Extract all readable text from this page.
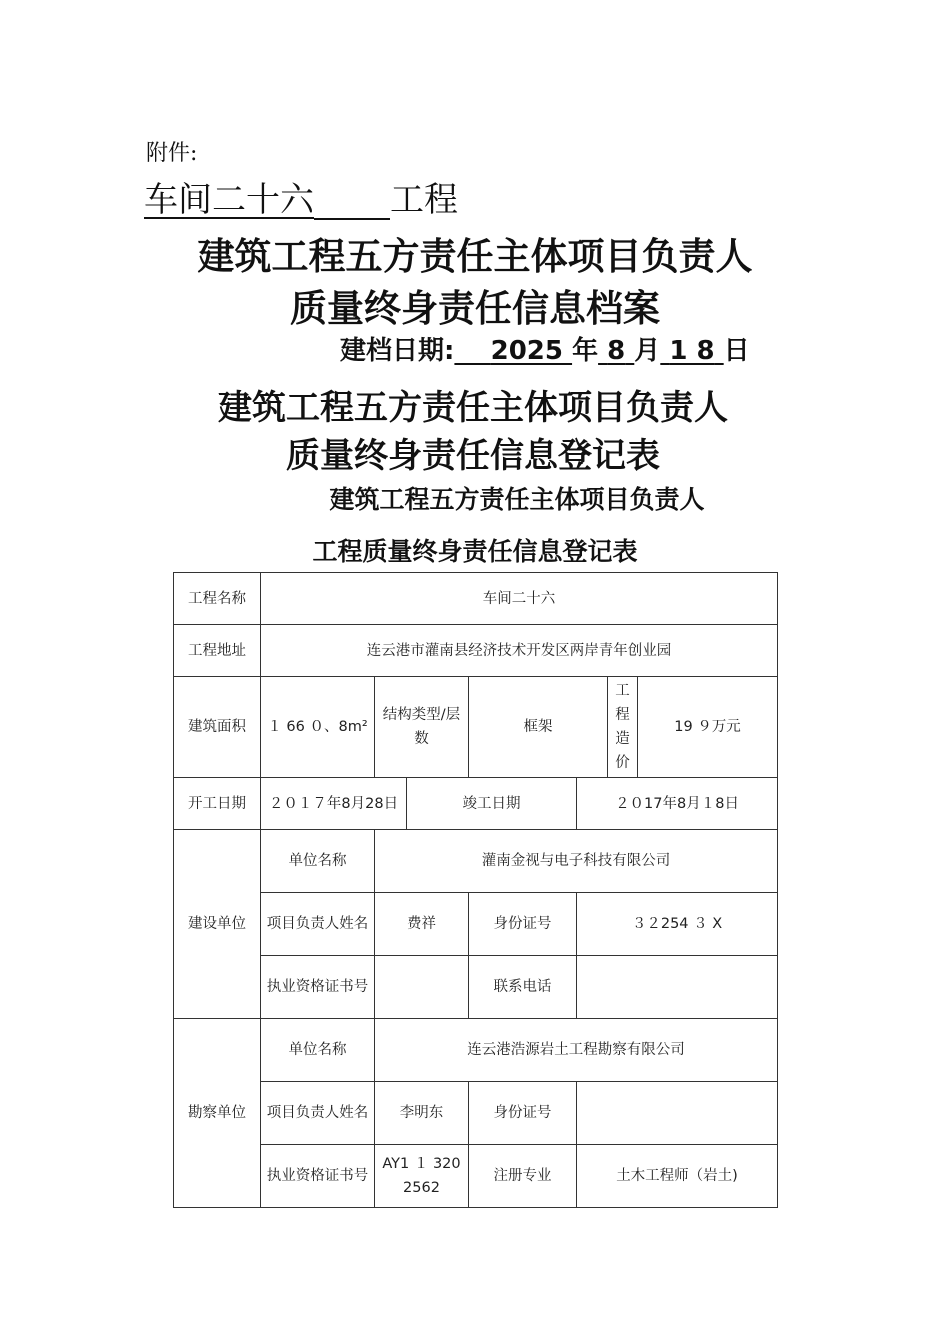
附件:
车间二十六 工程
建筑工程五方责任主体项目负责人
质量终身责任信息档案
建档日期: 2025 年 8 月 1 8 日
建筑工程五方责任主体项目负责人
质量终身责任信息登记表
建筑工程五方责任主体项目负责人
工程质量终身责任信息登记表
工程名称	车间二十六						
工程地址	连云港市灌南县经济技术开发区两岸青年创业园						
建筑面积	１ 66 ０、8m²	结构类型/层数		框架		工程造价	19 ９万元
开工日期	２０１７年8月28日		竣工日期		２０17年8月１8日		
建设单位	单位名称	灌南金视与电子科技有限公司					
	项目负责人姓名	费祥		身份证号	３２254 ３ X		
	执业资格证书号			联系电话			
勘察单位	单位名称	连云港浩源岩土工程勘察有限公司					
	项目负责人姓名	李明东		身份证号			
	执业资格证书号	AY1 １ 3202562		注册专业	土木工程师（岩土)		
